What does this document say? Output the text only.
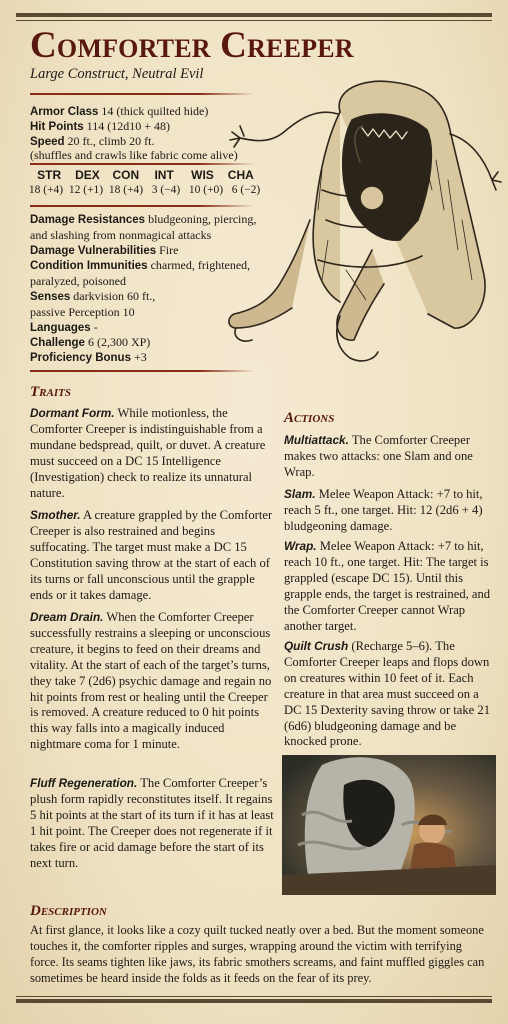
Comforter Creeper
Large Construct, Neutral Evil
Armor Class 14 (thick quilted hide)
Hit Points 114 (12d10 + 48)
Speed 20 ft., climb 20 ft.
(shuffles and crawls like fabric come alive)
STR	DEX	CON	INT	WIS	CHA
18 (+4) 12 (+1) 18 (+4) 3 (−4) 10 (+0) 6 (−2)
Damage Resistances bludgeoning, piercing,
and slashing from nonmagical attacks
Damage Vulnerabilities Fire
Condition Immunities charmed, frightened,
paralyzed, poisoned
Senses darkvision 60 ft.,
passive Perception 10
Languages -
Challenge 6 (2,300 XP)
Proficiency Bonus +3
Traits
Dormant Form. While motionless, the Comforter Creeper is indistinguishable from a mundane bedspread, quilt, or duvet. A creature must succeed on a DC 15 Intelligence (Investigation) check to realize its unnatural nature.
Smother. A creature grappled by the Comforter Creeper is also restrained and begins suffocating. The target must make a DC 15 Constitution saving throw at the start of each of its turns or fall unconscious until the grapple ends or it takes damage.
Dream Drain. When the Comforter Creeper successfully restrains a sleeping or unconscious creature, it begins to feed on their dreams and vitality. At the start of each of the target’s turns, they take 7 (2d6) psychic damage and regain no hit points from rest or healing until the Creeper is removed. A creature reduced to 0 hit points this way falls into a magically induced nightmare coma for 1 minute.
Fluff Regeneration. The Comforter Creeper’s plush form rapidly reconstitutes itself. It regains 5 hit points at the start of its turn if it has at least 1 hit point. The Creeper does not regenerate if it takes fire or acid damage before the start of its next turn.
Actions
Multiattack. The Comforter Creeper makes two attacks: one Slam and one Wrap.
Slam. Melee Weapon Attack: +7 to hit, reach 5 ft., one target. Hit: 12 (2d6 + 4) bludgeoning damage.
Wrap. Melee Weapon Attack: +7 to hit, reach 10 ft., one target. Hit: The target is grappled (escape DC 15). Until this grapple ends, the target is restrained, and the Comforter Creeper cannot Wrap another target.
Quilt Crush (Recharge 5–6). The Comforter Creeper leaps and flops down on creatures within 10 feet of it. Each creature in that area must succeed on a DC 15 Dexterity saving throw or take 21 (6d6) bludgeoning damage and be knocked prone.
Description
At first glance, it looks like a cozy quilt tucked neatly over a bed. But the moment someone touches it, the comforter ripples and surges, wrapping around the victim with terrifying force. Its seams tighten like jaws, its fabric smothers screams, and faint muffled giggles can sometimes be heard inside the folds as it feeds on the fear of its prey.
